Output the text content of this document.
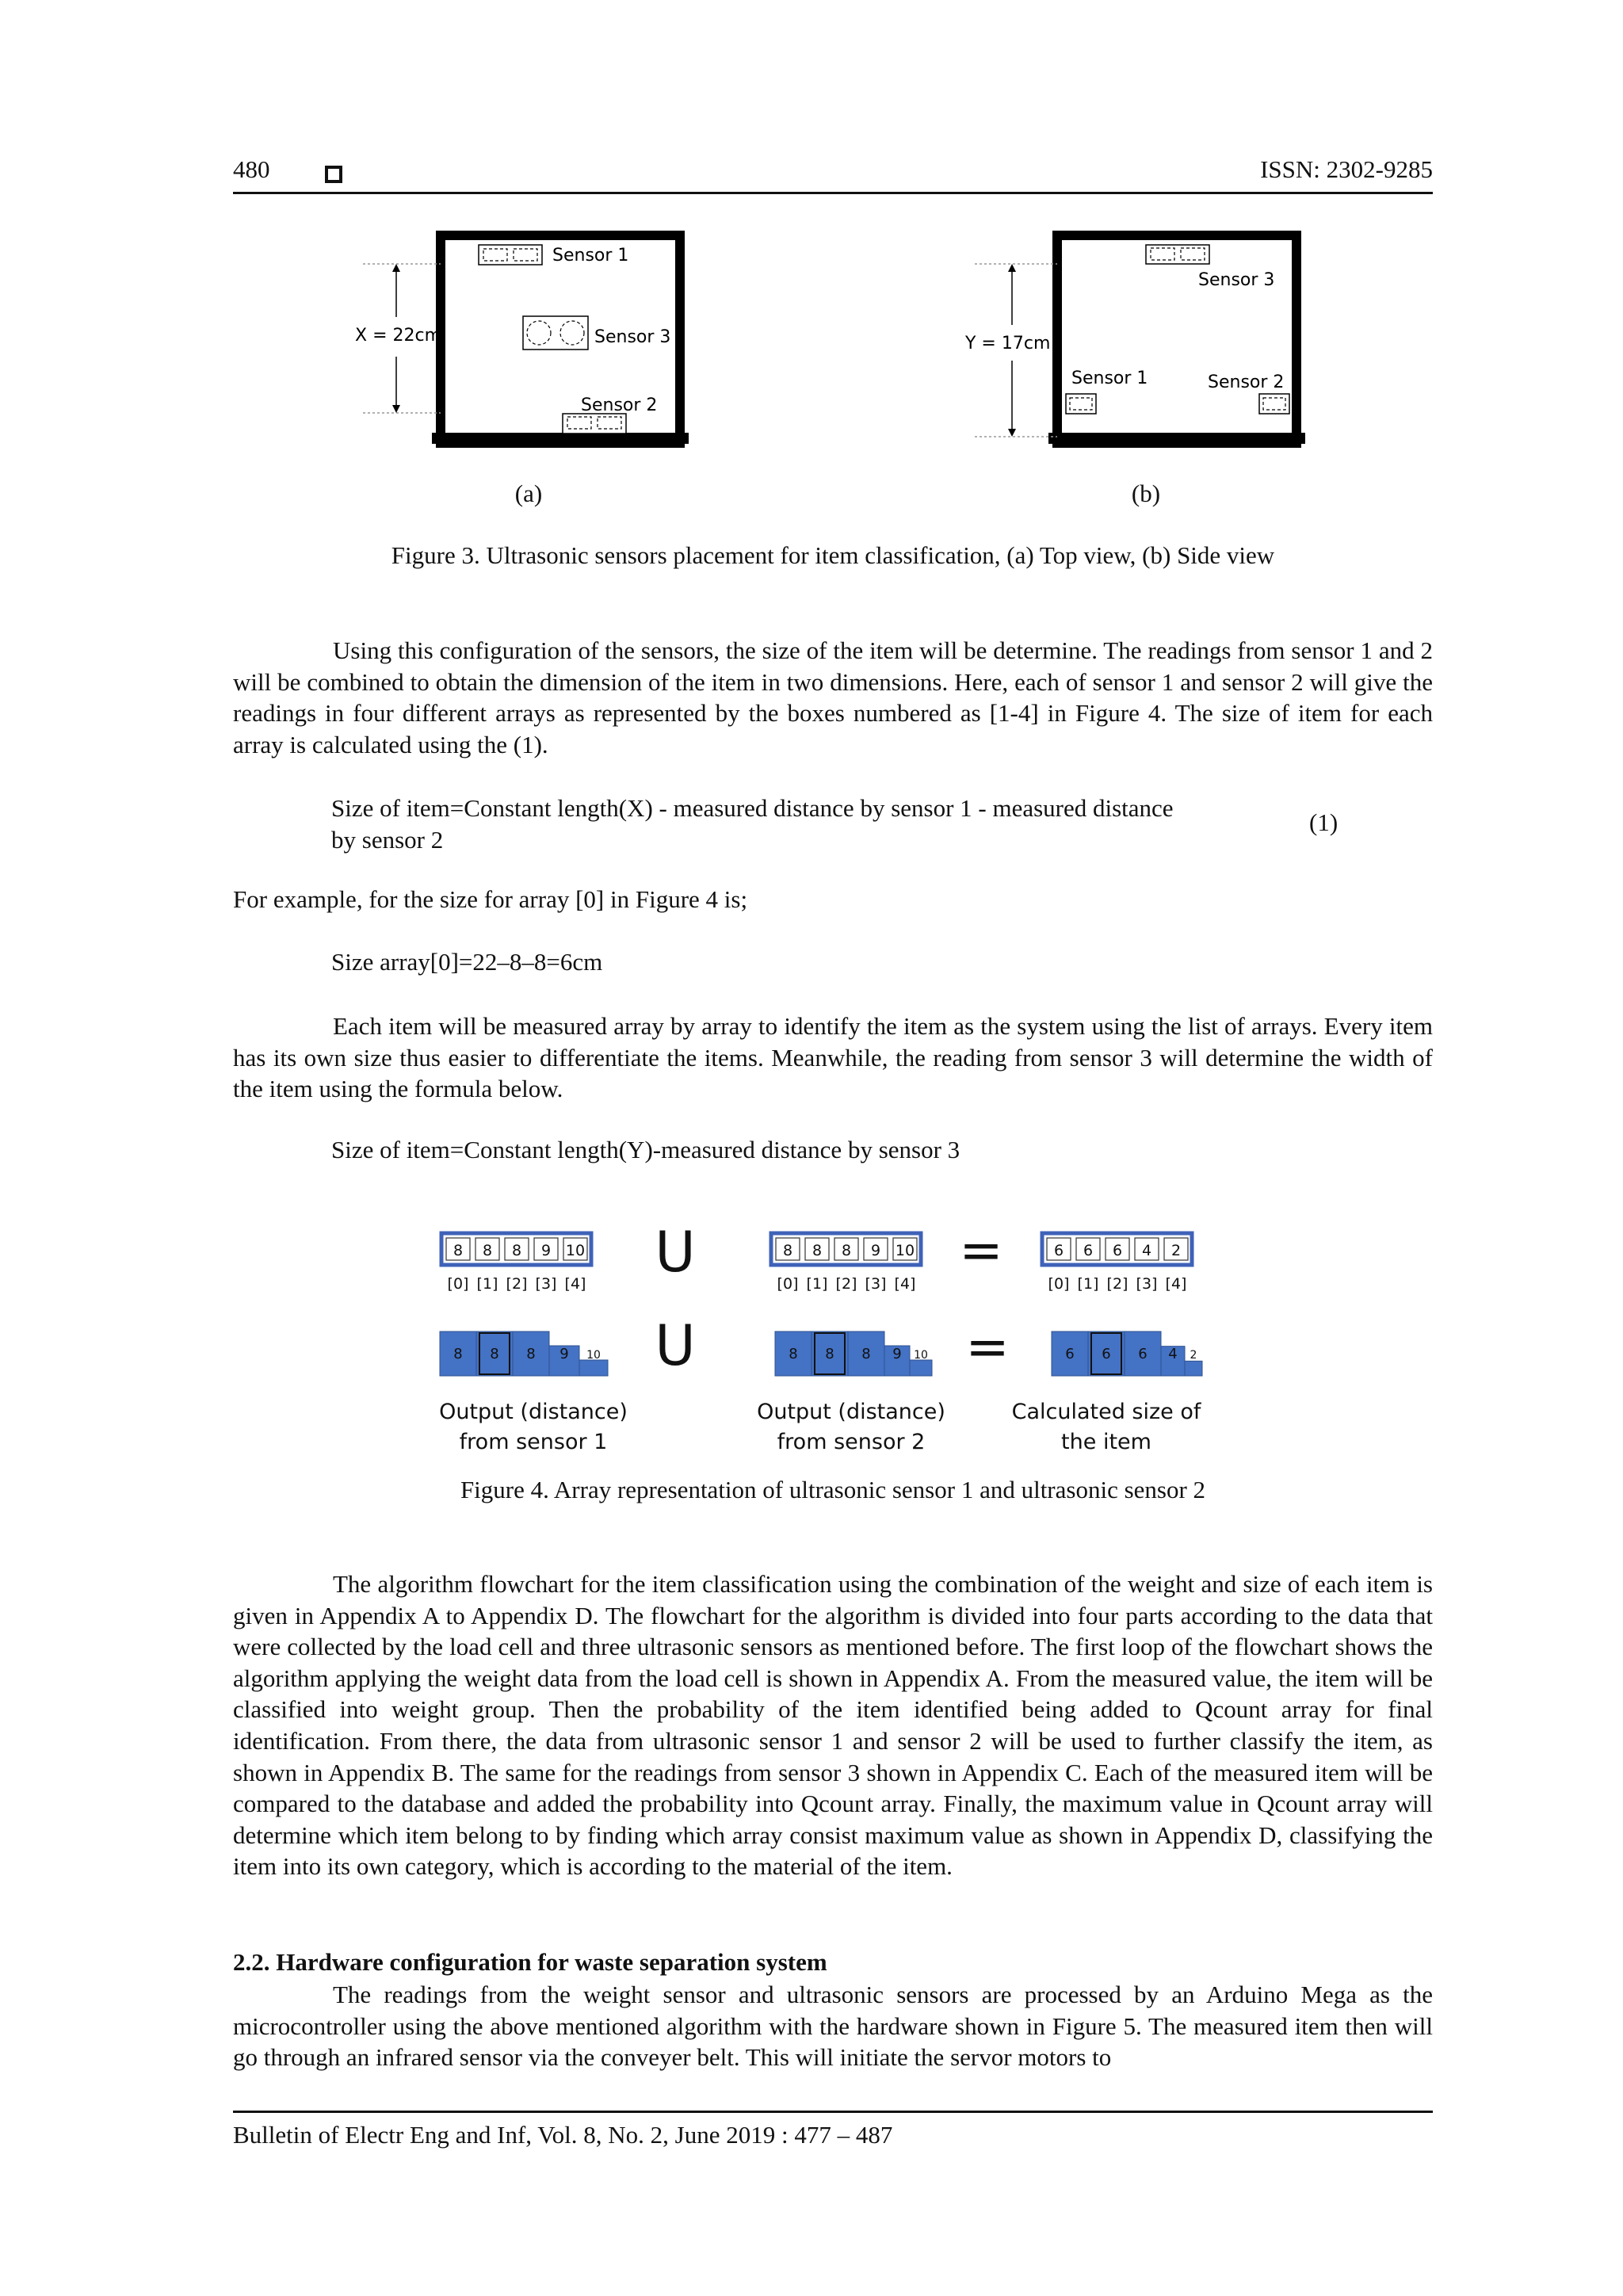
480	ISSN: 2302-9285
X = 22cm
Sensor 1
Sensor 3
Sensor 2
Y = 17cm
Sensor 3
Sensor 1	Sensor 2
(a)	(b)
Figure 3. Ultrasonic sensors placement for item classification, (a) Top view, (b) Side view

Using this configuration of the sensors, the size of the item will be determine. The readings from sensor 1 and 2 will be combined to obtain the dimension of the item in two dimensions. Here, each of sensor 1 and sensor 2 will give the readings in four different arrays as represented by the boxes numbered as [1-4] in Figure 4. The size of item for each array is calculated using the (1).

Size of item=Constant length(X) - measured distance by sensor 1 - measured distance
by sensor 2
(1)
For example, for the size for array [0] in Figure 4 is;
Size array[0]=22–8–8=6cm

Each item will be measured array by array to identify the item as the system using the list of arrays. Every item has its own size thus easier to differentiate the items. Meanwhile, the reading from sensor 3 will determine the width of the item using the formula below.

Size of item=Constant length(Y)-measured distance by sensor 3
8 8 8 9 10
[0] [1] [2] [3] [4]
8 8 8 9 10
[0] [1] [2] [3] [4]
6 6 6 4 2
[0] [1] [2] [3] [4]
U	=
U	=
8 8 8 9 10	8 8 8 9 10	6 6 6 4 2
Output (distance)
from sensor 1
Output (distance)
from sensor 2
Calculated size of
the item
Figure 4. Array representation of ultrasonic sensor 1 and ultrasonic sensor 2

The algorithm flowchart for the item classification using the combination of the weight and size of each item is given in Appendix A to Appendix D. The flowchart for the algorithm is divided into four parts according to the data that were collected by the load cell and three ultrasonic sensors as mentioned before. The first loop of the flowchart shows the algorithm applying the weight data from the load cell is shown in Appendix A. From the measured value, the item will be classified into weight group. Then the probability of the item identified being added to Qcount array for final identification. From there, the data from ultrasonic sensor 1 and sensor 2 will be used to further classify the item, as shown in Appendix B. The same for the readings from sensor 3 shown in Appendix C. Each of the measured item will be compared to the database and added the probability into Qcount array. Finally, the maximum value in Qcount array will determine which item belong to by finding which array consist maximum value as shown in Appendix D, classifying the item into its own category, which is according to the material of the item.

2.2. Hardware configuration for waste separation system

The readings from the weight sensor and ultrasonic sensors are processed by an Arduino Mega as the microcontroller using the above mentioned algorithm with the hardware shown in Figure 5. The measured item then will go through an infrared sensor via the conveyer belt. This will initiate the servor motors to

Bulletin of Electr Eng and Inf, Vol. 8, No. 2, June 2019 : 477 – 487
